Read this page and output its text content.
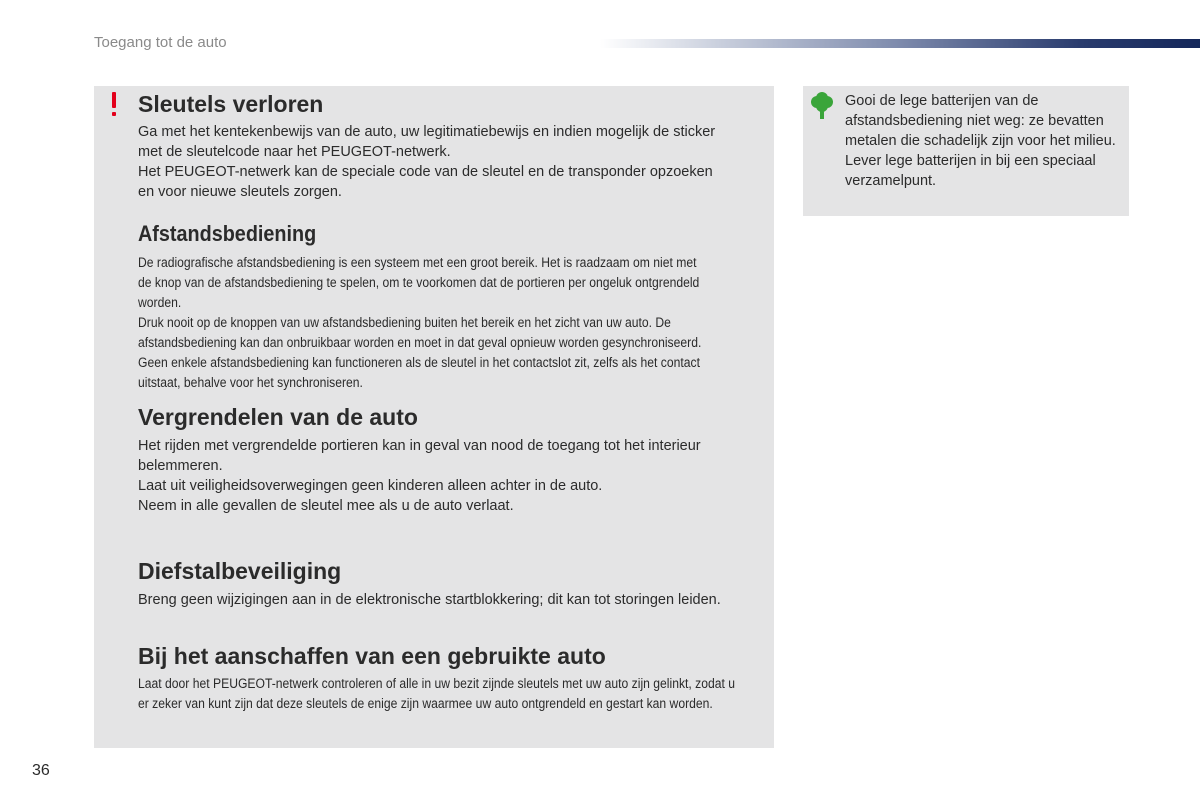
Toegang tot de auto
Sleutels verloren

Ga met het kentekenbewijs van de auto, uw legitimatiebewijs en indien mogelijk de sticker

met de sleutelcode naar het PEUGEOT-netwerk.

Het PEUGEOT-netwerk kan de speciale code van de sleutel en de transponder opzoeken

en voor nieuwe sleutels zorgen.

Afstandsbediening

De radiografische afstandsbediening is een systeem met een groot bereik. Het is raadzaam om niet met

de knop van de afstandsbediening te spelen, om te voorkomen dat de portieren per ongeluk ontgrendeld

worden.

Druk nooit op de knoppen van uw afstandsbediening buiten het bereik en het zicht van uw auto. De

afstandsbediening kan dan onbruikbaar worden en moet in dat geval opnieuw worden gesynchroniseerd.

Geen enkele afstandsbediening kan functioneren als de sleutel in het contactslot zit, zelfs als het contact

uitstaat, behalve voor het synchroniseren.

Vergrendelen van de auto

Het rijden met vergrendelde portieren kan in geval van nood de toegang tot het interieur

belemmeren.

Laat uit veiligheidsoverwegingen geen kinderen alleen achter in de auto.

Neem in alle gevallen de sleutel mee als u de auto verlaat.

Diefstalbeveiliging

Breng geen wijzigingen aan in de elektronische startblokkering; dit kan tot storingen leiden.

Bij het aanschaffen van een gebruikte auto

Laat door het PEUGEOT-netwerk controleren of alle in uw bezit zijnde sleutels met uw auto zijn gelinkt, zodat u

er zeker van kunt zijn dat deze sleutels de enige zijn waarmee uw auto ontgrendeld en gestart kan worden.

Gooi de lege batterijen van de

afstandsbediening niet weg: ze bevatten

metalen die schadelijk zijn voor het milieu.

Lever lege batterijen in bij een speciaal

verzamelpunt.

36
